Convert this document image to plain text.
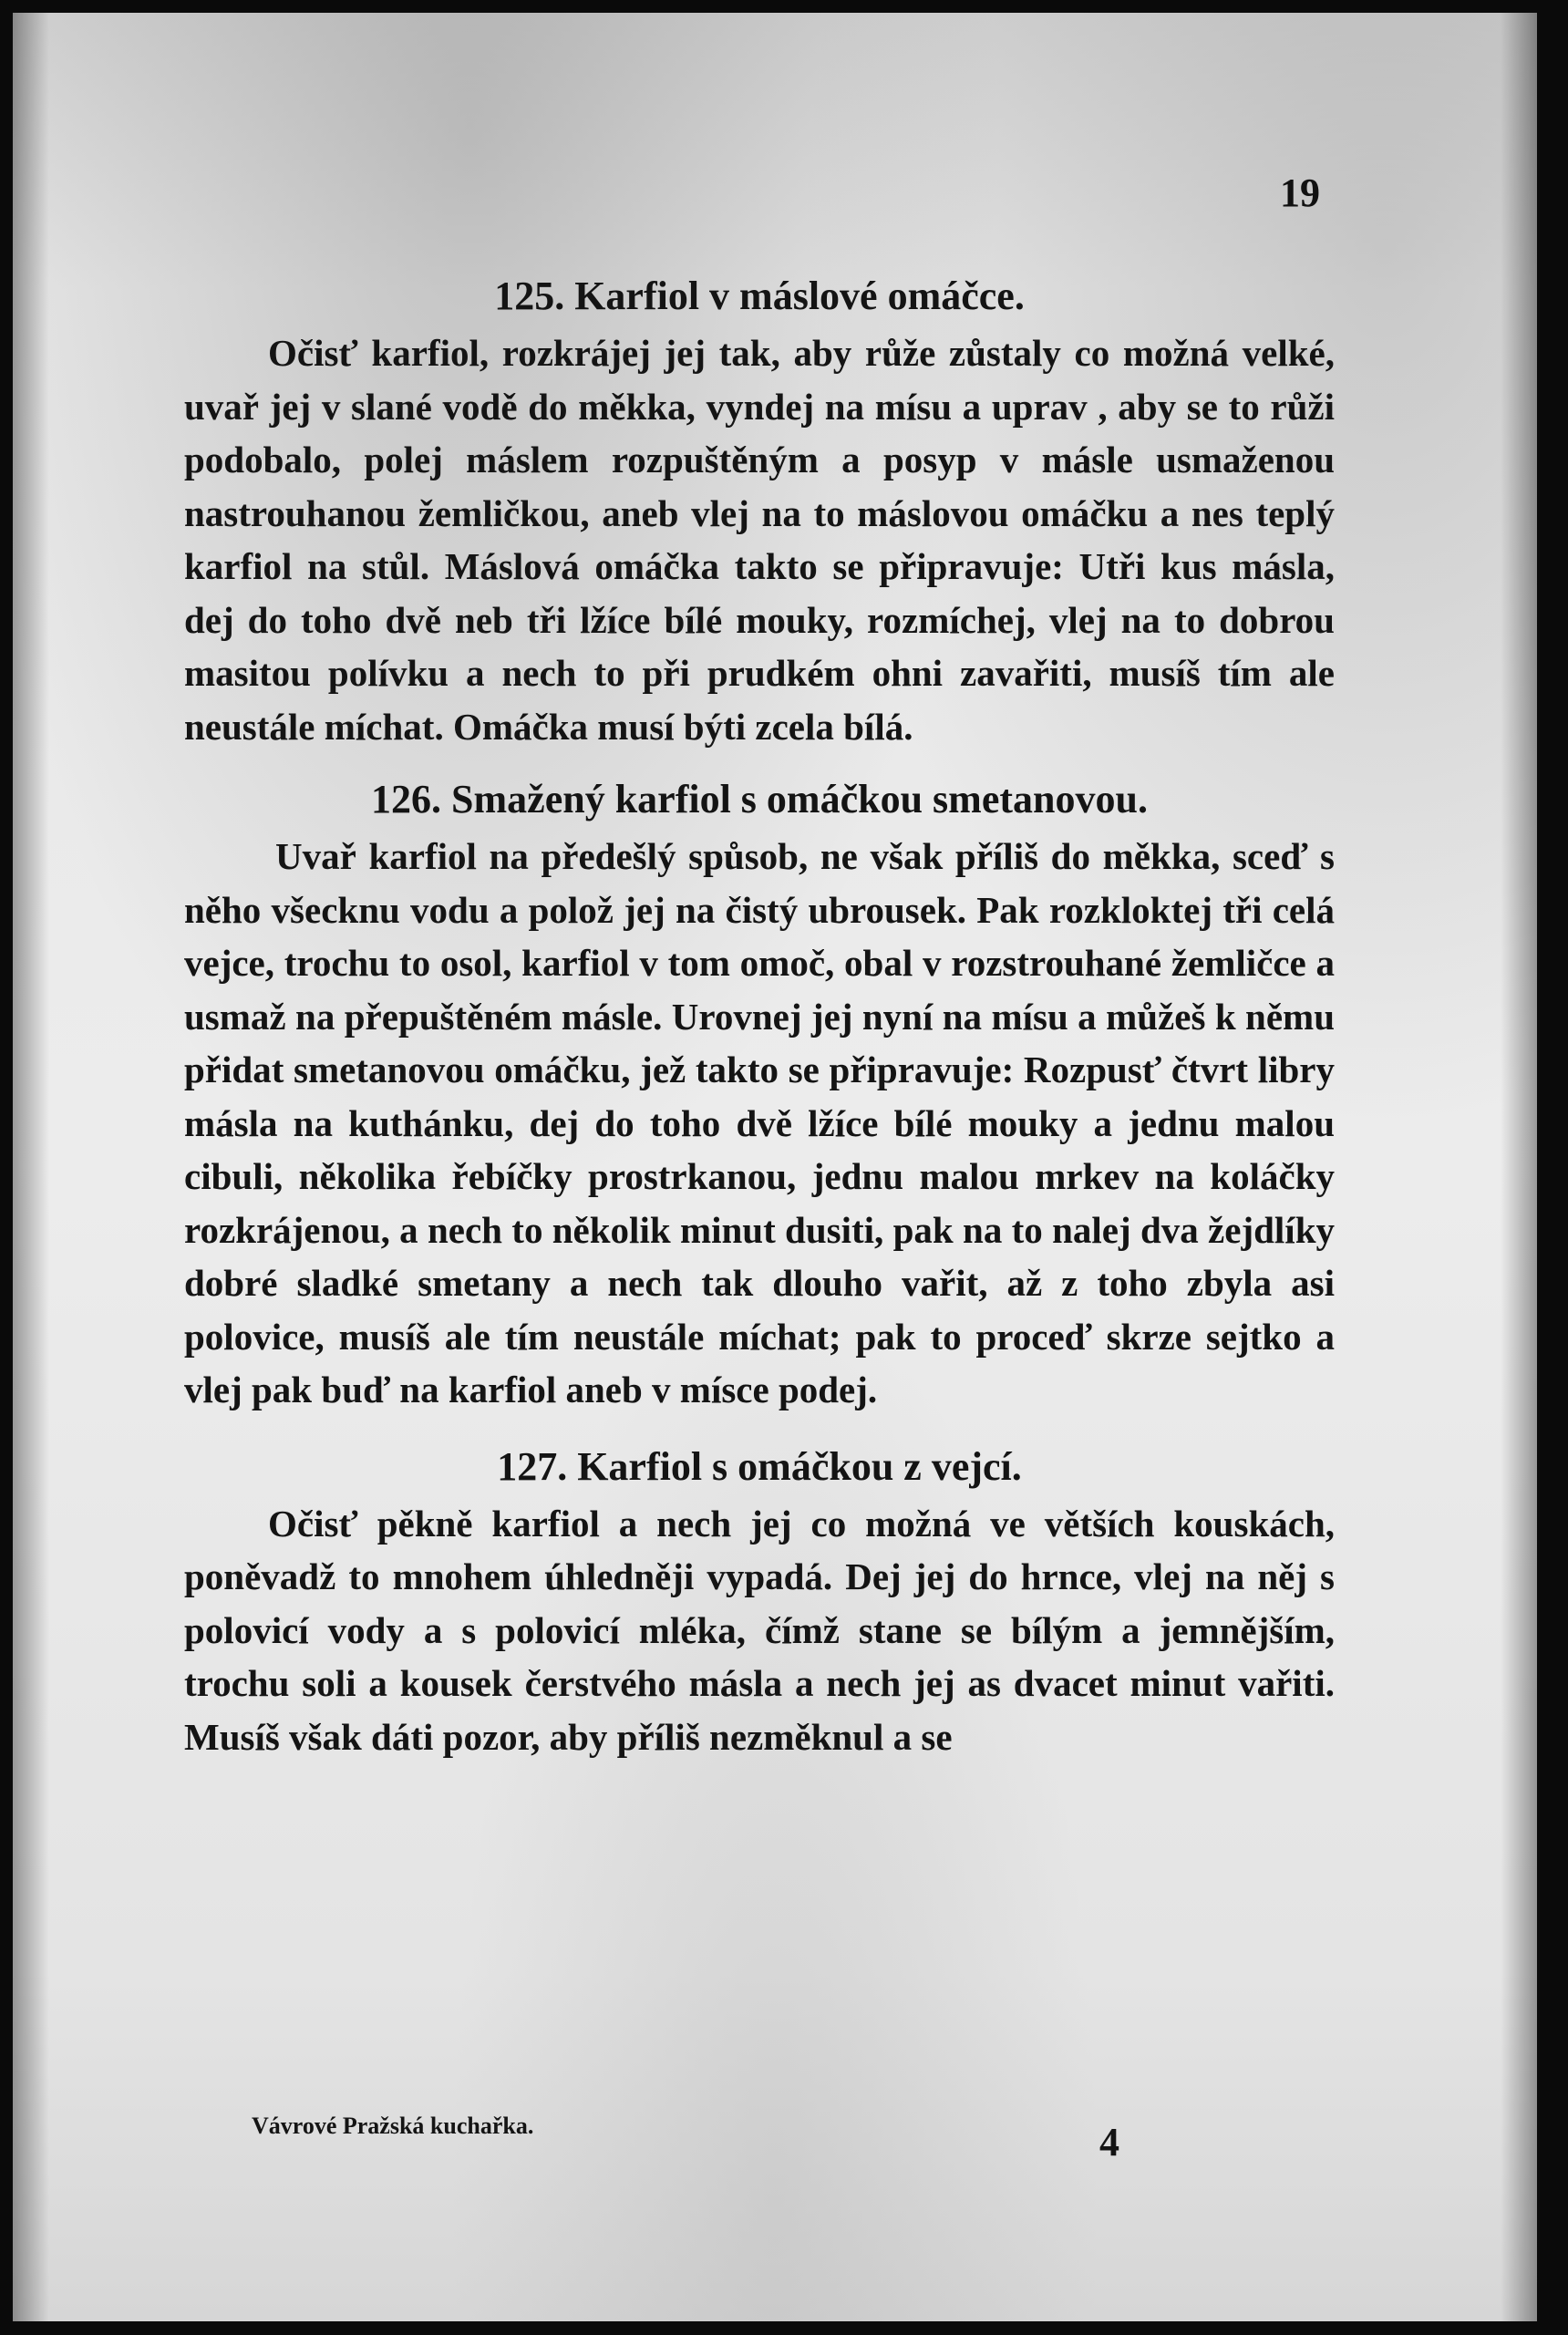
19
125. Karfiol v máslové omáčce.

Očisť karfiol, rozkrájej jej tak, aby růže zůstaly co možná velké, uvař jej v slané vodě do měkka, vyndej na mísu a uprav , aby se to růži podobalo, polej máslem rozpuštěným a posyp v másle usmaženou nastrouhanou žemličkou, aneb vlej na to máslovou omáčku a nes teplý karfiol na stůl. Máslová omáčka takto se připravuje: Utři kus másla, dej do toho dvě neb tři lžíce bílé mouky, rozmíchej, vlej na to dobrou masitou polívku a nech to při prudkém ohni zavařiti, musíš tím ale neustále míchat. Omáčka musí býti zcela bílá.

126. Smažený karfiol s omáčkou smetanovou.

Uvař karfiol na předešlý spůsob, ne však příliš do měkka, sceď s něho všecknu vodu a polož jej na čistý ubrousek. Pak rozkloktej tři celá vejce, trochu to osol, karfiol v tom omoč, obal v rozstrouhané žemličce a usmaž na přepuštěném másle. Urovnej jej nyní na mísu a můžeš k němu přidat smetanovou omáčku, jež takto se připravuje: Rozpusť čtvrt libry másla na kuthánku, dej do toho dvě lžíce bílé mouky a jednu malou cibuli, několika řebíčky prostrkanou, jednu malou mrkev na koláčky rozkrájenou, a nech to několik minut dusiti, pak na to nalej dva žejdlíky dobré sladké smetany a nech tak dlouho vařit, až z toho zbyla asi polovice, musíš ale tím neustále míchat; pak to proceď skrze sejtko a vlej pak buď na karfiol aneb v mísce podej.

127. Karfiol s omáčkou z vejcí.

Očisť pěkně karfiol a nech jej co možná ve větších kouskách, poněvadž to mnohem úhledněji vypadá. Dej jej do hrnce, vlej na něj s polovicí vody a s polovicí mléka, čímž stane se bílým a jemnějším, trochu soli a kousek čerstvého másla a nech jej as dvacet minut vařiti. Musíš však dáti pozor, aby příliš nezměknul a se

Vávrové Pražská kuchařka.	4
